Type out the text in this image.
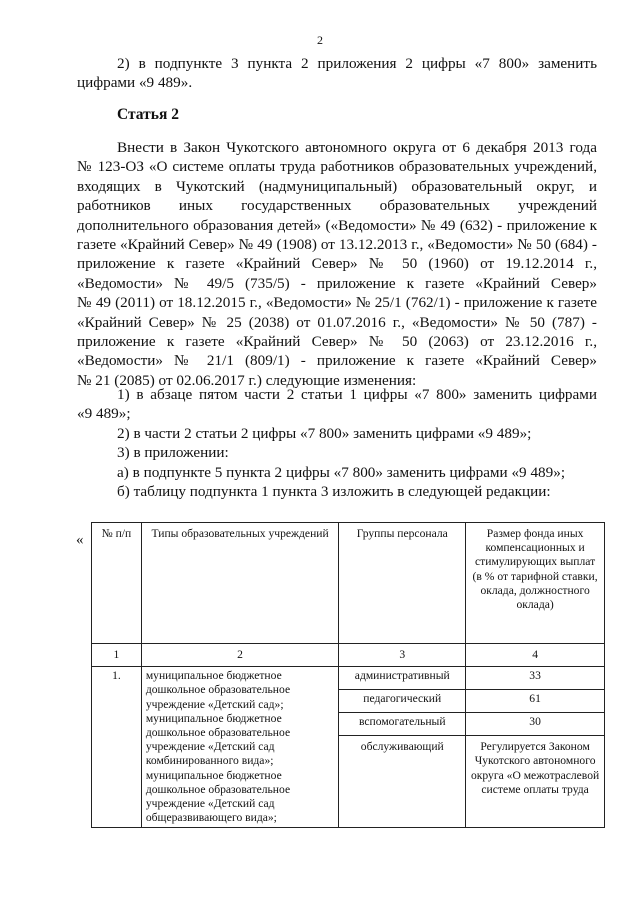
2

2) в подпункте 3 пункта 2 приложения 2 цифры «7 800» заменить

цифрами «9 489».

Статья 2

Внести в Закон Чукотского автономного округа от 6 декабря 2013 года

№ 123-ОЗ «О системе оплаты труда работников образовательных учреждений,

входящих в Чукотский (надмуниципальный) образовательный округ, и

работников иных государственных образовательных учреждений

дополнительного образования детей» («Ведомости» № 49 (632) - приложение к

газете «Крайний Север» № 49 (1908) от 13.12.2013 г., «Ведомости» № 50 (684) -

приложение к газете «Крайний Север» № 50 (1960) от 19.12.2014 г.,

«Ведомости» № 49/5 (735/5) - приложение к газете «Крайний Север»

№ 49 (2011) от 18.12.2015 г., «Ведомости» № 25/1 (762/1) - приложение к газете

«Крайний Север» № 25 (2038) от 01.07.2016 г., «Ведомости» № 50 (787) -

приложение к газете «Крайний Север» № 50 (2063) от 23.12.2016 г.,

«Ведомости» № 21/1 (809/1) - приложение к газете «Крайний Север»

№ 21 (2085) от 02.06.2017 г.) следующие изменения:

1) в абзаце пятом части 2 статьи 1 цифры «7 800» заменить цифрами

«9 489»;

2) в части 2 статьи 2 цифры «7 800» заменить цифрами «9 489»;

3) в приложении:

а) в подпункте 5 пункта 2 цифры «7 800» заменить цифрами «9 489»;

б) таблицу подпункта 1 пункта 3 изложить в следующей редакции:

« № п/п	Типы образовательных учреждений	Группы персонала	Размер фонда иных компенсационных и стимулирующих выплат (в % от тарифной ставки, оклада, должностного оклада)
1	2	3	4
1.	муниципальное бюджетное дошкольное образовательное учреждение «Детский сад»; муниципальное бюджетное дошкольное образовательное учреждение «Детский сад комбинированного вида»; муниципальное бюджетное дошкольное образовательное учреждение «Детский сад общеразвивающего вида»;	административный	33
		педагогический	61
		вспомогательный	30
		обслуживающий	Регулируется Законом Чукотского автономного округа «О межотраслевой системе оплаты труда
